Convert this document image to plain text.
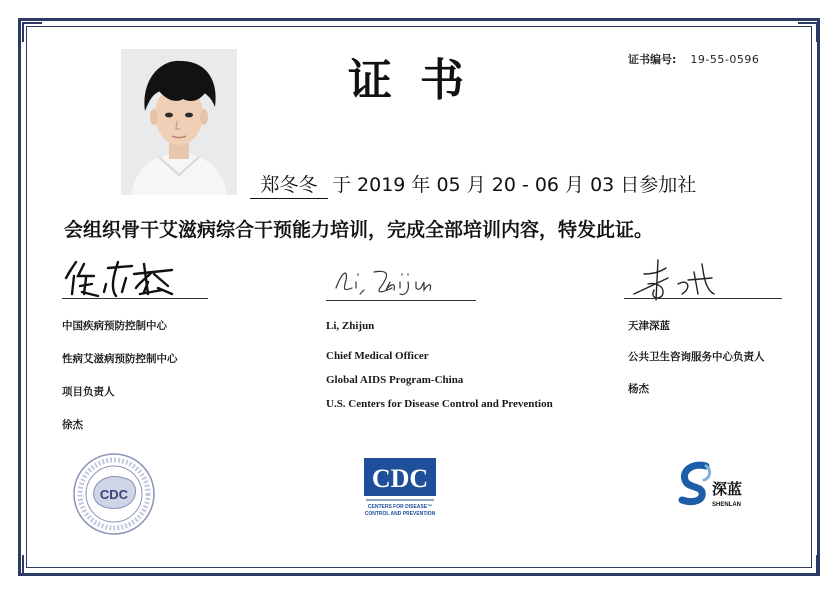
证书	证书编号: 19-55-0596
郑冬冬 于 2019 年 05 月 20 - 06 月 03 日参加社
会组织骨干艾滋病综合干预能力培训，完成全部培训内容，特发此证。
中国疾病预防控制中心
性病艾滋病预防控制中心
项目负责人
徐杰
Li, Zhijun
Chief Medical Officer
Global AIDS Program-China
U.S. Centers for Disease Control and Prevention
天津深蓝
公共卫生咨询服务中心负责人
杨杰
CDC
CDC
CENTERS FOR DISEASE™
CONTROL AND PREVENTION
深蓝
SHENLAN
